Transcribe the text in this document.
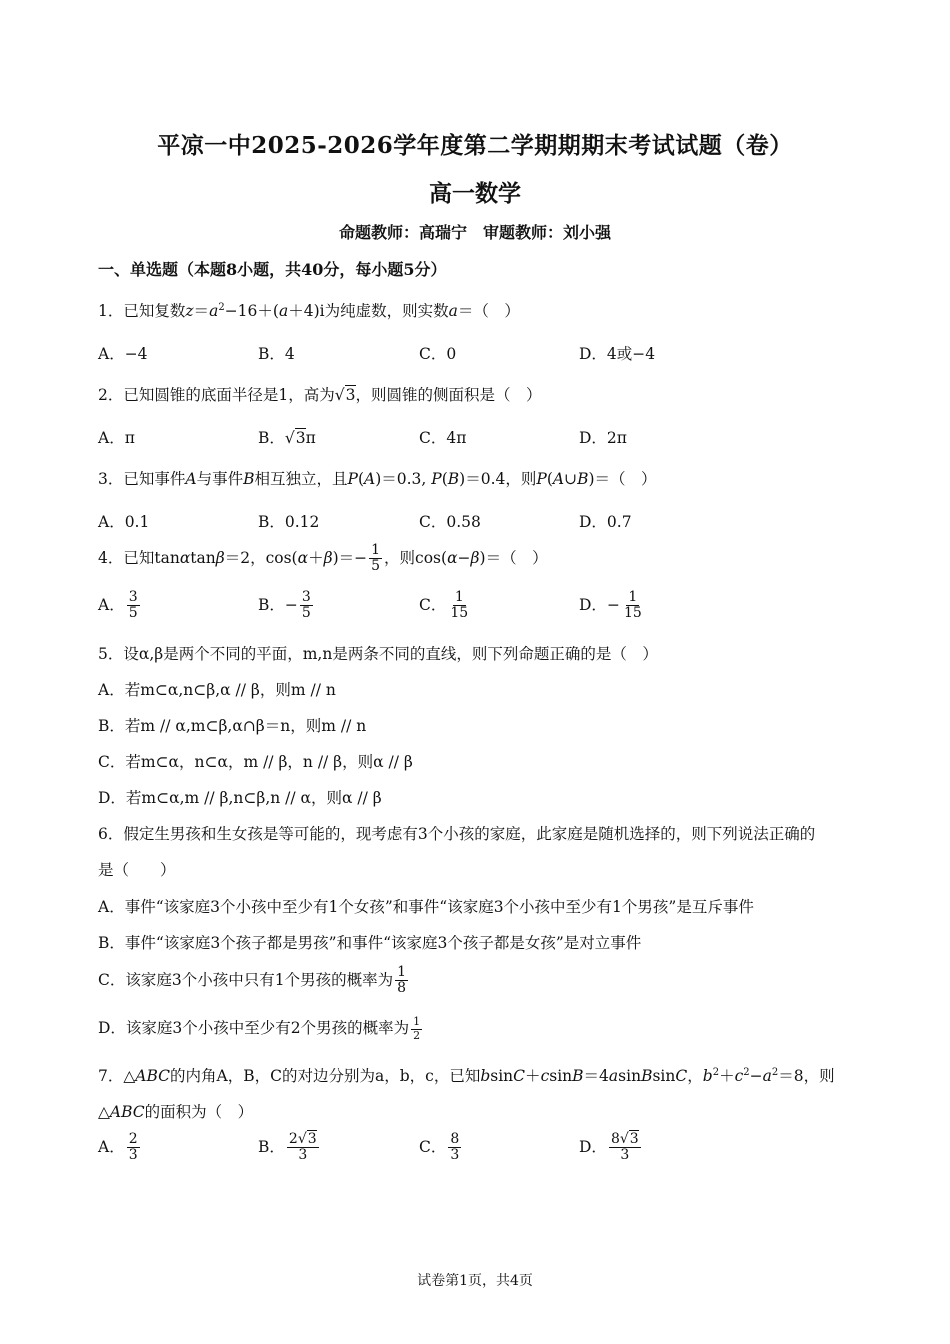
平凉一中2025-2026学年度第二学期期期末考试试题（卷）
高一数学
命题教师：高瑞宁　审题教师：刘小强
一、单选题（本题8小题，共40分，每小题5分）
1．已知复数$z=a^2-16+(a+4)i$为纯虚数，则实数a＝（　）
A．−4	B．4	C．0	D．4或−4
2．已知圆锥的底面半径是1，高为√3，则圆锥的侧面积是（　）
A．π	B．√3π	C．4π	D．2π
3．已知事件A与事件B相互独立，且P(A)＝0.3, P(B)＝0.4，则P(A∪B)＝（　）
A．0.1	B．0.12	C．0.58	D．0.7
4．已知tanαtanβ＝2，$\cos(\alpha+\beta)=- \frac{1}{5}$ ，则cos(α−β)＝（　）
A． $\frac{3}{5}$	B．− $\frac{3}{5}$	C． $\frac{1}{15}$	D．− $\frac{1}{15}$
5．设α,β是两个不同的平面，m,n是两条不同的直线，则下列命题正确的是（　）
A．若m⊂α,n⊂β,α // β，则m // n
B．若m // α,m⊂β,α∩β＝n，则m // n
C．若m⊂α，n⊂α，m // β，n // β，则α // β
D．若m⊂α,m // β,n⊂β,n // α，则α // β
6．假定生男孩和生女孩是等可能的，现考虑有3个小孩的家庭，此家庭是随机选择的，则下列说法正确的
是（　　）
A．事件“该家庭3个小孩中至少有1个女孩”和事件“该家庭3个小孩中至少有1个男孩”是互斥事件
B．事件“该家庭3个孩子都是男孩”和事件“该家庭3个孩子都是女孩”是对立事件
C．该家庭3个小孩中只有1个男孩的概率为 $\frac{1}{8}$
D．该家庭3个小孩中至少有2个男孩的概率为 $\frac{1}{2}$
7．△ABC的内角A，B，C的对边分别为a，b，c，已知bsinC＋csinB＝4asinBsinC，$b^2+c^2-a^2=8$，则
△ABC的面积为（　）
A． $\frac{2}{3}$	B． $\frac{2√3}{3}$	C． $\frac{8}{3}$	D． $\frac{8√3}{3}$
试卷第1页，共4页
